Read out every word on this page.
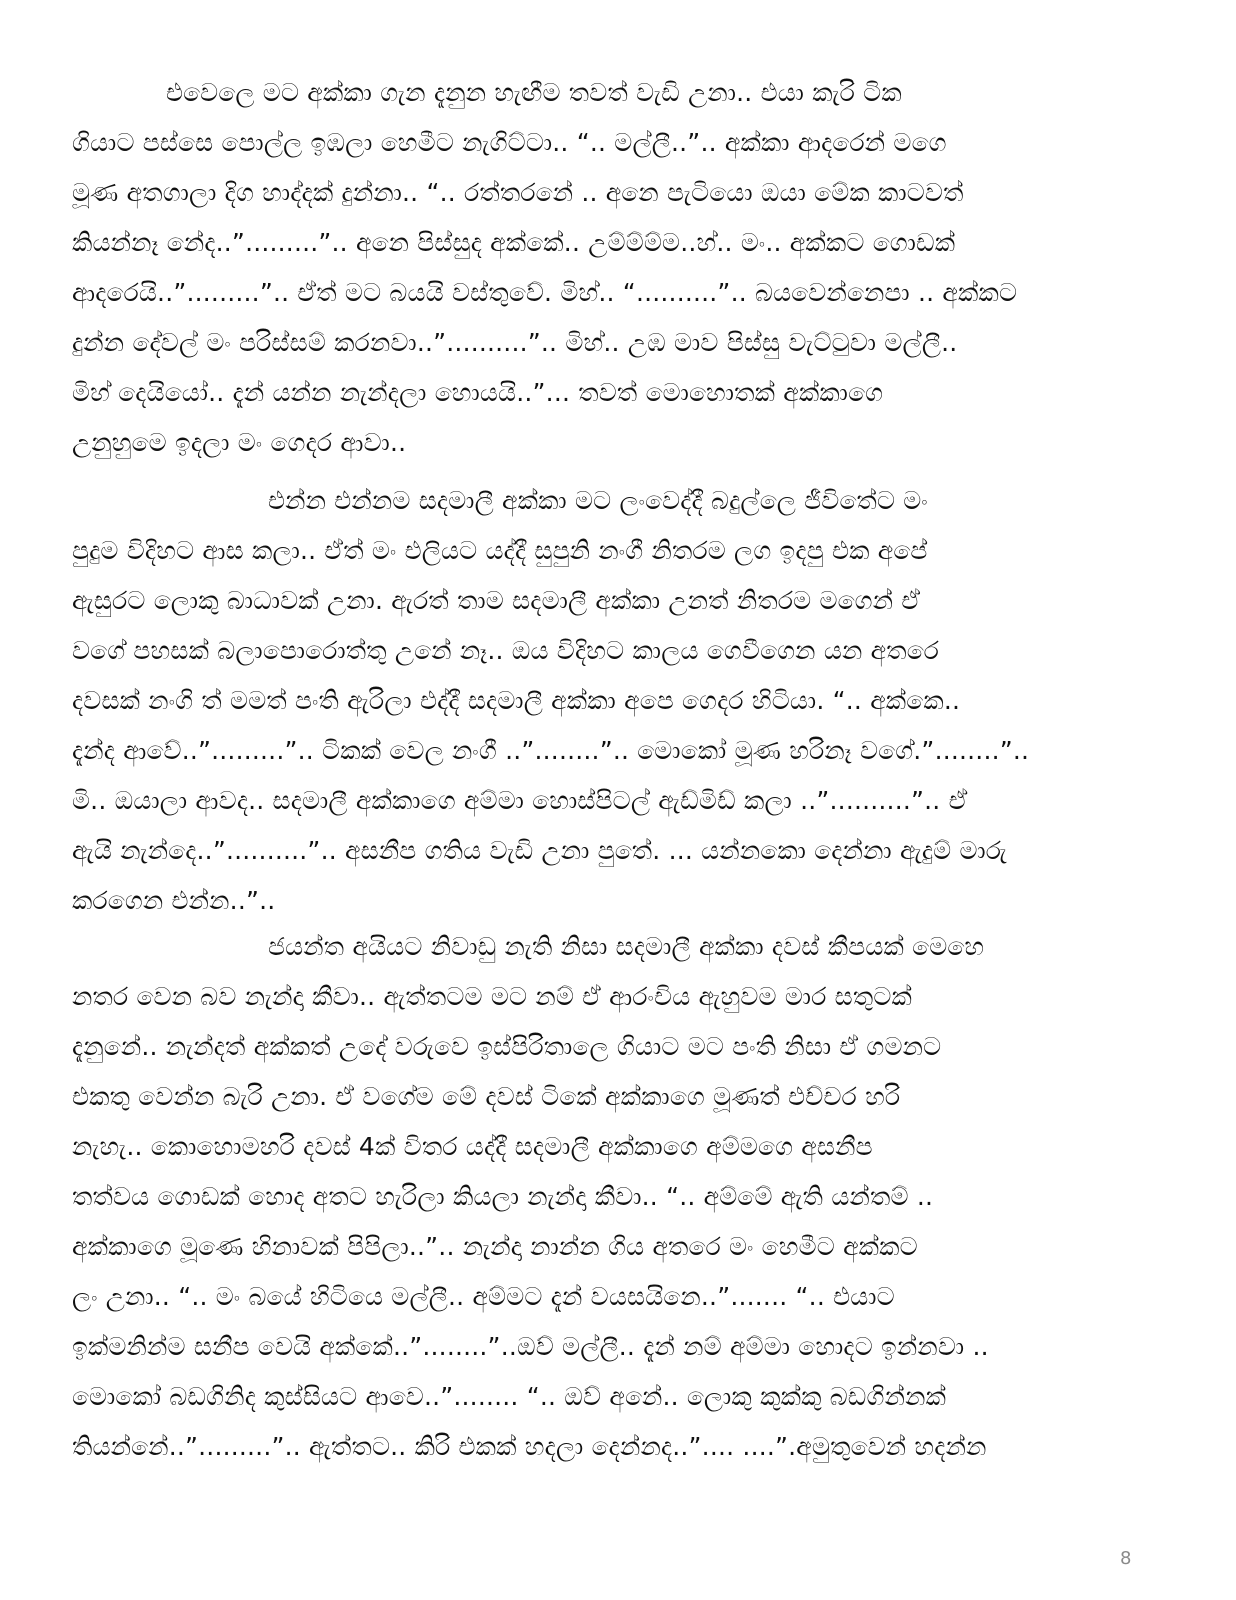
එවෙලෙ මට අක්කා ගැන දැනුන හැඟීම තවත් වැඩි උනා.. එයා කැරි ටික
ගියාට පස්සෙ පොල්ල ඉඹලා හෙමීට නැගිට්ටා.. “.. මල්ලී..”.. අක්කා ආදරෙන් මගෙ
මූණ අතගාලා දිග හාද්දක් දුන්නා.. “.. රත්තරනේ .. අනෙ පැටියො ඔයා මේක කාටවත්
කියන්නෑ නේද..”.........”.. අනෙ පිස්සුද අක්කේ.. උම්ම්ම්ම..හ්.. මං.. අක්කට ගොඩක්
ආදරෙයි..”.........”.. ඒත් මට බයයි වස්තුවේ. මිහ්.. “..........”.. බයවෙන්නෙපා .. අක්කට
දුන්න දේවල් මං පරිස්සම් කරනවා..”..........”.. මිහ්.. උඹ මාව පිස්සු වැට්ටුවා මල්ලී..
මිහ් දෙයියෝ.. දැන් යන්න නැන්දලා හොයයි..”... තවත් මොහොතක් අක්කාගෙ
උනුහුමෙ ඉදලා මං ගෙදර ආවා..
එන්න එන්නම සදමාලී අක්කා මට ලංවෙද්දී බදුල්ලෙ ජීවිතේට මං
පුදුම විදිහට ආස කලා.. ඒත් මං එලියට යද්දී සුපුනි නංගී නිතරම ලග ඉදපු එක අපේ
ඇසුරට ලොකු බාධාවක් උනා. ඇරත් තාම සදමාලී අක්කා උනත් නිතරම මගෙන් ඒ
වගේ පහසක් බලාපොරොත්තු උනේ නෑ.. ඔය විදිහට කාලය ගෙවීගෙන යන අතරෙ
දවසක් නංගි ත් මමත් පංති ඇරිලා එද්දී සදමාලී අක්කා අපෙ ගෙදර හිටියා. “.. අක්කෙ..
දැන්ද ආවේ..”.........”.. ටිකක් වෙල නංගී ..”........”.. මොකෝ මූණ හරිනෑ වගේ.”........”..
මි.. ඔයාලා ආවද.. සදමාලී අක්කාගෙ අම්මා හොස්පිටල් ඇඩ්මිඩ් කලා ..”..........”.. ඒ
ඇයි නැන්දෙ..”..........”.. අසනීප ගතිය වැඩි උනා පුතේ. ... යන්නකො දෙන්නා ඇදුම් මාරු
කරගෙන එන්න..”..
ජයන්ත අයියට නිවාඩු නැති නිසා සදමාලී අක්කා දවස් කීපයක් මෙහෙ
නතර වෙන බව නැන්දා කීවා.. ඇත්තටම මට නම් ඒ ආරංචිය ඇහුවම මාර සතුටක්
දැනුනේ.. නැන්දත් අක්කත් උදේ වරුවෙ ඉස්පිරිතාලෙ ගියාට මට පංති නිසා ඒ ගමනට
එකතු වෙන්න බැරි උනා. ඒ වගේම මේ දවස් ටිකේ අක්කාගෙ මූණත් එච්චර හරි
නැහැ.. කොහොමහරි දවස් 4ක් විතර යද්දී සදමාලී අක්කාගෙ අම්මගෙ අසනීප
තත්වය ගොඩක් හොද අතට හැරිලා කියලා නැන්දා කීවා.. “.. අම්මේ ඇති යන්තම් ..
අක්කාගෙ මූණෙ හිනාවක් පිපිලා..”.. නැන්දා නාන්න ගිය අතරෙ මං හෙමීට අක්කට
ලං උනා.. “.. මං බයේ හිටියෙ මල්ලී.. අම්මට දැන් වයසයිනෙ..”....... “.. එයාට
ඉක්මනින්ම සනීප වෙයි අක්කේ..”........”..ඔව් මල්ලී.. දැන් නම් අම්මා හොදට ඉන්නවා ..
මොකෝ බඩගිනිද කුස්සියට ආවෙ..”........ “.. ඔව් අනේ.. ලොකු කුක්කු බඩගින්නක්
තියන්නේ..”.........”.. ඇත්තට.. කිරි එකක් හදලා දෙන්නද..”.... ....”.අමුතුවෙන් හදන්න
8
